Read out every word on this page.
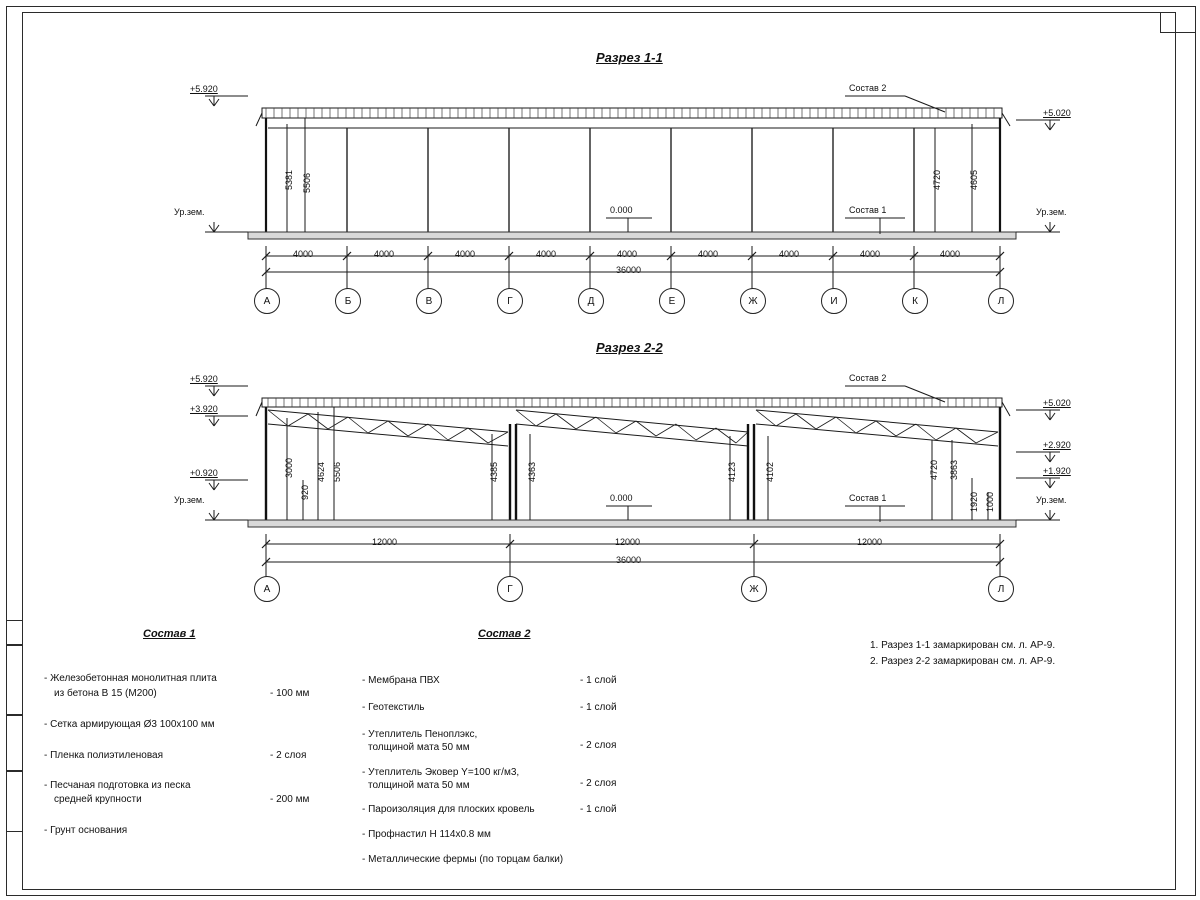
Разрез 1-1
+5.920
+5.020
Ур.зем.	Ур.зем.
0.000
Состав 2
Состав 1
5381 5506	4720	4605
4000	4000	4000	4000	4000	4000	4000	4000	4000
36000
А	Б	В	Г	Д	Е	Ж	И	К	Л
Разрез 2-2
+5.920
+3.920
+0.920
+5.020
+2.920
+1.920
Ур.зем.	Ур.зем.
0.000
Состав 2
Состав 1
3000
920
4624 5506	4385	4363	4123	4102	4720 3863
1920 1000
12000	12000	12000
36000
А	Г	Ж	Л
Состав 1	Состав 2
- Железобетонная монолитная плита
из бетона В 15 (М200)	- 100 мм
- Сетка армирующая Ø3 100х100 мм
- Пленка полиэтиленовая	- 2 слоя
- Песчаная подготовка из песка
средней крупности	- 200 мм
- Грунт основания
- Мембрана ПВХ	- 1 слой
- Геотекстиль	- 1 слой
- Утеплитель Пеноплэкс,
толщиной мата 50 мм	- 2 слоя
- Утеплитель Эковер Y=100 кг/м3,
толщиной мата 50 мм	- 2 слоя
- Пароизоляция для плоских кровель	- 1 слой
- Профнастил Н 114х0.8 мм
- Металлические фермы (по торцам балки)
1. Разрез 1-1 замаркирован см. л. АР-9.
2. Разрез 2-2 замаркирован см. л. АР-9.
